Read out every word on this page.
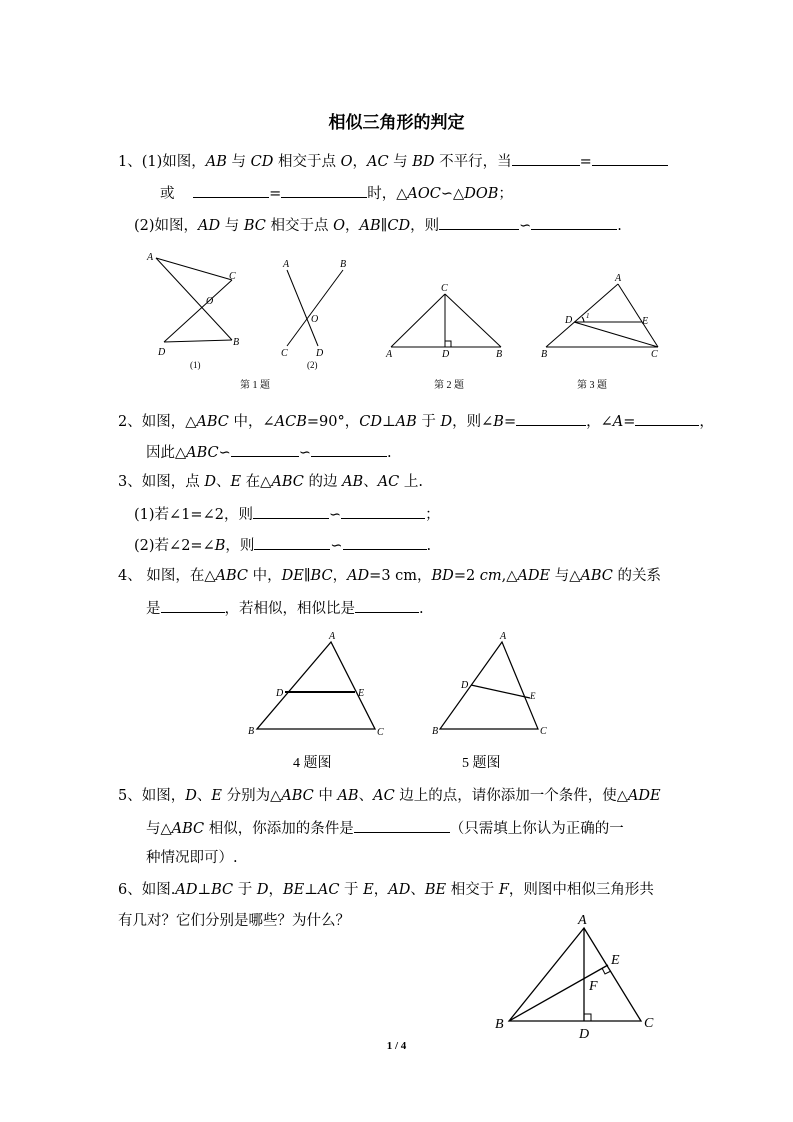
相似三角形的判定
1、(1)如图，AB 与 CD 相交于点 O，AC 与 BD 不平行，当	=
或	=	时，△AOC∽△DOB；
(2)如图，AD 与 BC 相交于点 O，AB∥CD，则	∽	.
A
C
O
D
B
(1)
A	B
O
C	D
(2)
C
A	D	B
A
D 1	E
B	C
第 1 题	第 2 题	第 3 题
A
D	E
B	C
A
D
E
B	C
4 题图	5 题图
A
E
F
B
D
C
2、如图，△ABC 中，∠ACB=90°，CD⊥AB 于 D，则∠B=	，∠A=	，
因此△ABC∽	∽	.
3、如图，点 D、E 在△ABC 的边 AB、AC 上.
(1)若∠1=∠2，则	∽	；
(2)若∠2=∠B，则	∽	.
4、 如图，在△ABC 中，DE∥BC，AD=3 cm，BD=2 cm,△ADE 与△ABC 的关系
是	，若相似，相似比是	.
5、如图，D、E 分别为△ABC 中 AB、AC 边上的点，请你添加一个条件，使△ADE
与△ABC 相似，你添加的条件是	（只需填上你认为正确的一
种情况即可）.
6、如图.AD⊥BC 于 D，BE⊥AC 于 E，AD、BE 相交于 F，则图中相似三角形共
有几对？它们分别是哪些？为什么？
1 / 4
